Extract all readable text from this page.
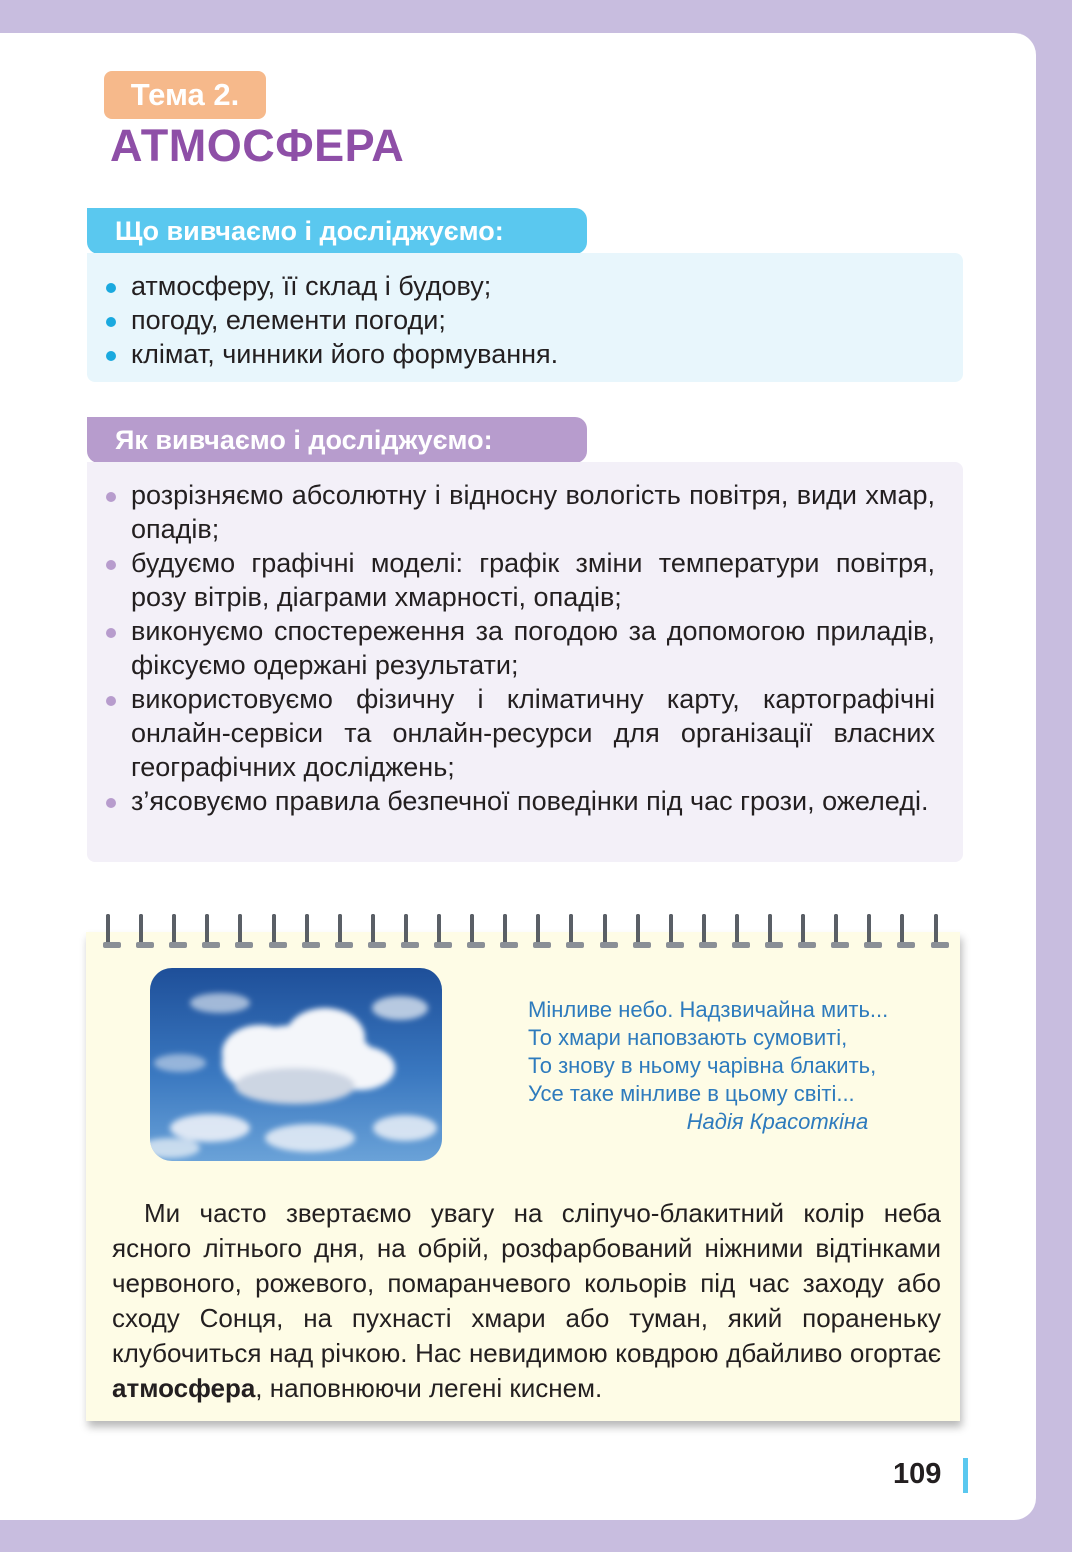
Тема 2.
АТМОСФЕРА
Що вивчаємо і досліджуємо:
атмосферу, її склад і будову;
погоду, елементи погоди;
клімат, чинники його формування.
Як вивчаємо і досліджуємо:
розрізняємо абсолютну і відносну вологість повітря, види хмар, опадів;
будуємо графічні моделі: графік зміни температури повітря, розу вітрів, діаграми хмарності, опадів;
виконуємо спостереження за погодою за допомогою приладів, фіксуємо одержані результати;
використовуємо фізичну і кліматичну карту, картографічні онлайн-сервіси та онлайн-ресурси для організації власних географічних досліджень;
з’ясовуємо правила безпечної поведінки під час грози, ожеледі.
Мінливе небо. Надзвичайна мить...
То хмари наповзають сумовиті,
То знову в ньому чарівна блакить,
Усе таке мінливе в цьому світі...
Надія Красоткіна
Ми часто звертаємо увагу на сліпучо-блакитний колір неба ясного літнього дня, на обрій, розфарбований ніжними відтінками червоного, рожевого, помаранчевого кольорів під час заходу або сходу Сонця, на пухнасті хмари або туман, який пораненьку клубочиться над річкою. Нас невидимою ковдрою дбайливо огортає атмосфера, наповнюючи легені киснем.
109
